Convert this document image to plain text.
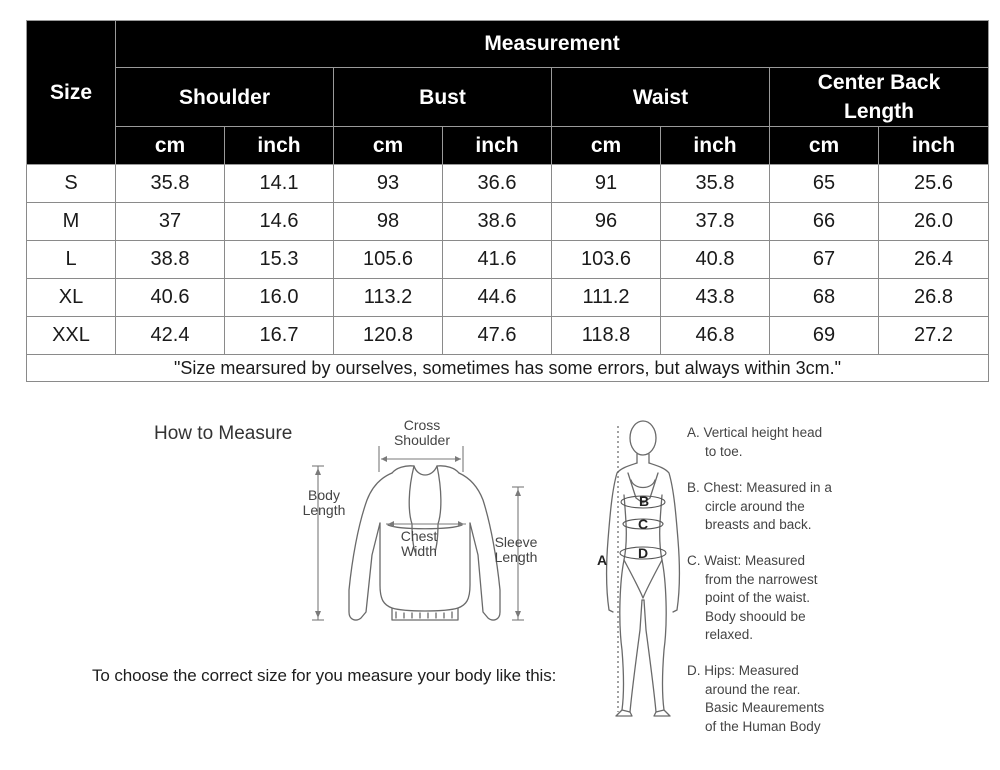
Size	Measurement							
	Shoulder		Bust		Waist		Center Back
Length	
	cm	inch	cm	inch	cm	inch	cm	inch
S	35.8	14.1	93	36.6	91	35.8	65	25.6
M	37	14.6	98	38.6	96	37.8	66	26.0
L	38.8	15.3	105.6	41.6	103.6	40.8	67	26.4
XL	40.6	16.0	113.2	44.6	111.2	43.8	68	26.8
XXL	42.4	16.7	120.8	47.6	118.8	46.8	69	27.2
"Size mearsured by ourselves, sometimes has some errors, but always within 3cm."								
A
B
C
D
How to Measure	Cross
Shoulder
Body
Length
Chest
Width
Sleeve
Length
To choose the correct size for you measure your body like this:
A. Vertical height head
to toe.
B. Chest: Measured in a
circle around the
breasts and back.
C. Waist: Measured
from the narrowest
point of the waist.
Body shoould be
relaxed.
D. Hips: Measured
around the rear.
Basic Meaurements
of the Human Body
